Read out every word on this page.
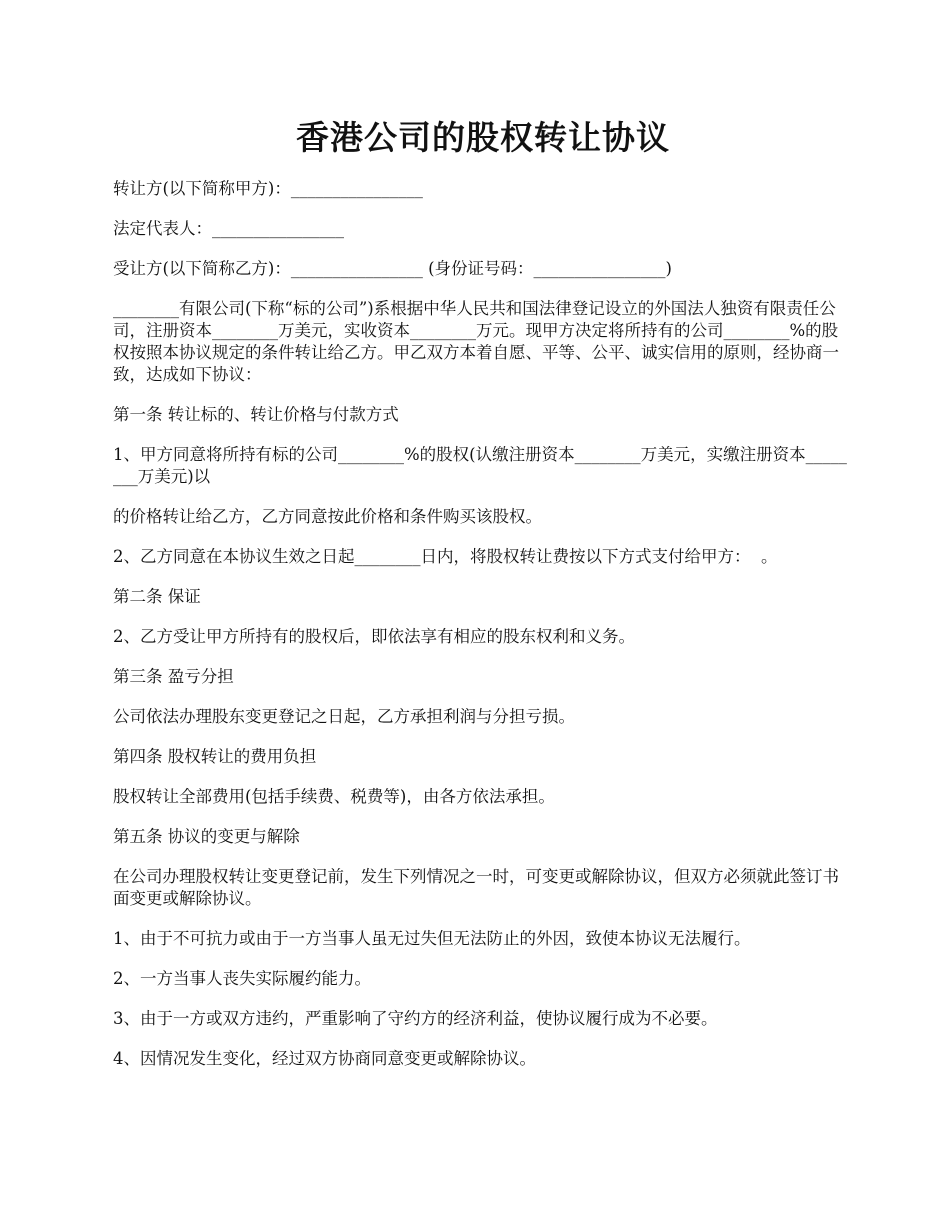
香港公司的股权转让协议

转让方(以下简称甲方)：________________

法定代表人：________________

受让方(以下简称乙方)：________________ (身份证号码：________________)

________有限公司(下称“标的公司”)系根据中华人民共和国法律登记设立的外国法人独资有限责任公司，注册资本________万美元，实收资本________万元。现甲方决定将所持有的公司________%的股权按照本协议规定的条件转让给乙方。甲乙双方本着自愿、平等、公平、诚实信用的原则，经协商一致，达成如下协议：

第一条 转让标的、转让价格与付款方式

1、甲方同意将所持有标的公司________%的股权(认缴注册资本________万美元，实缴注册资本________万美元)以

的价格转让给乙方，乙方同意按此价格和条件购买该股权。

2、乙方同意在本协议生效之日起________日内，将股权转让费按以下方式支付给甲方：  。

第二条 保证

2、乙方受让甲方所持有的股权后，即依法享有相应的股东权利和义务。

第三条 盈亏分担

公司依法办理股东变更登记之日起，乙方承担利润与分担亏损。

第四条 股权转让的费用负担

股权转让全部费用(包括手续费、税费等)，由各方依法承担。

第五条 协议的变更与解除

在公司办理股权转让变更登记前，发生下列情况之一时，可变更或解除协议，但双方必须就此签订书面变更或解除协议。

1、由于不可抗力或由于一方当事人虽无过失但无法防止的外因，致使本协议无法履行。

2、一方当事人丧失实际履约能力。

3、由于一方或双方违约，严重影响了守约方的经济利益，使协议履行成为不必要。

4、因情况发生变化，经过双方协商同意变更或解除协议。
